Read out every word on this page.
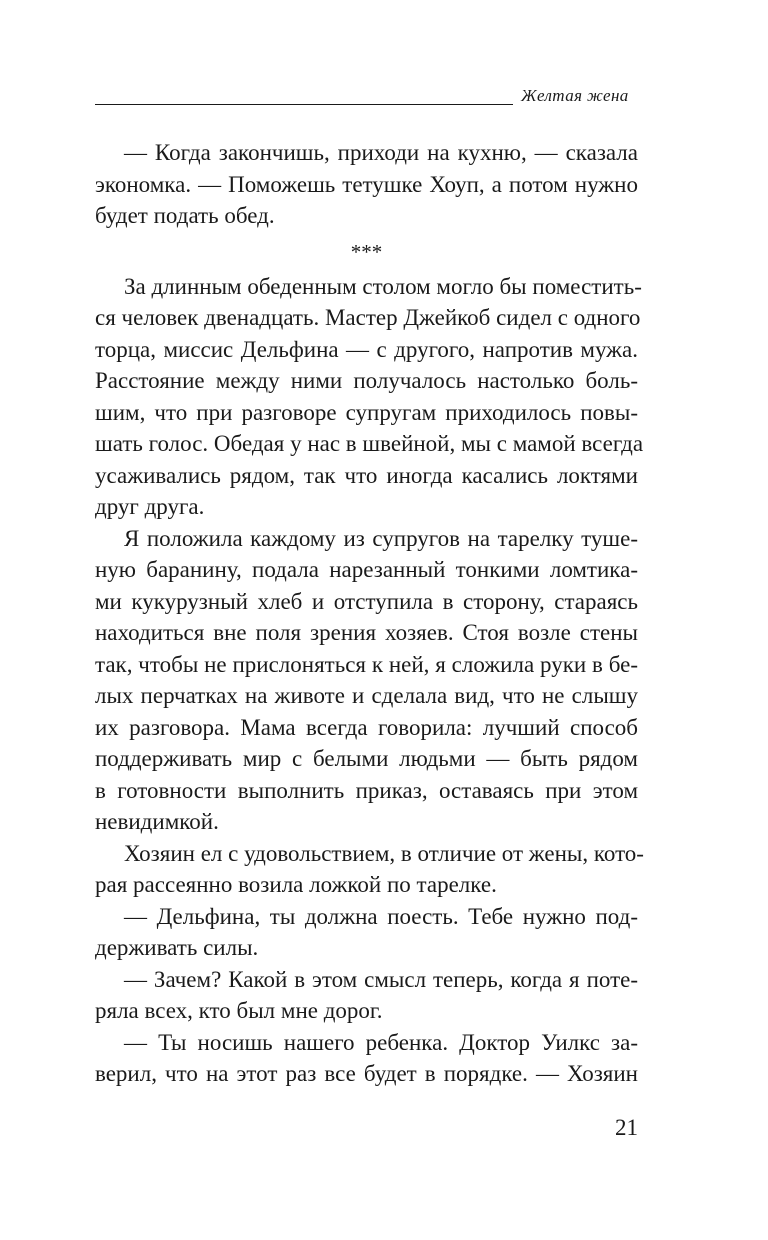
Желтая жена
— Когда закончишь, приходи на кухню, — сказала
экономка. — Поможешь тетушке Хоуп, а потом нужно
будет подать обед.
***
За длинным обеденным столом могло бы поместить-
ся человек двенадцать. Мастер Джейкоб сидел с одного
торца, миссис Дельфина — с другого, напротив мужа.
Расстояние между ними получалось настолько боль-
шим, что при разговоре супругам приходилось повы-
шать голос. Обедая у нас в швейной, мы с мамой всегда
усаживались рядом, так что иногда касались локтями
друг друга.
Я положила каждому из супругов на тарелку туше-
ную баранину, подала нарезанный тонкими ломтика-
ми кукурузный хлеб и отступила в сторону, стараясь
находиться вне поля зрения хозяев. Стоя возле стены
так, чтобы не прислоняться к ней, я сложила руки в бе-
лых перчатках на животе и сделала вид, что не слышу
их разговора. Мама всегда говорила: лучший способ
поддерживать мир с белыми людьми — быть рядом
в готовности выполнить приказ, оставаясь при этом
невидимкой.
Хозяин ел с удовольствием, в отличие от жены, кото-
рая рассеянно возила ложкой по тарелке.
— Дельфина, ты должна поесть. Тебе нужно под-
держивать силы.
— Зачем? Какой в этом смысл теперь, когда я поте-
ряла всех, кто был мне дорог.
— Ты носишь нашего ребенка. Доктор Уилкс за-
верил, что на этот раз все будет в порядке. — Хозяин
21
